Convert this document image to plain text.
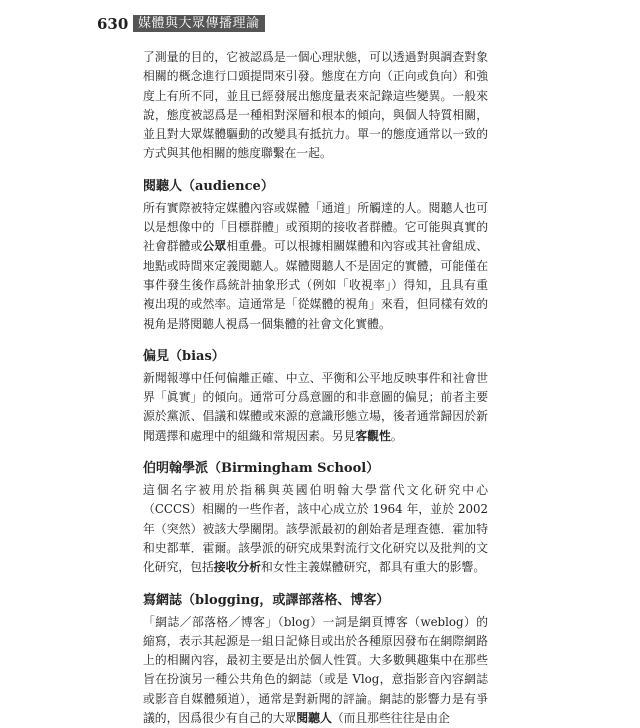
630 媒體與大眾傳播理論

了測量的目的，它被認爲是一個心理狀態，可以透過對與調查對象相關的概念進行口頭提問來引發。態度在方向（正向或負向）和強度上有所不同，並且已經發展出態度量表來記錄這些變異。一般來說，態度被認爲是一種相對深層和根本的傾向，與個人特質相關，並且對大眾媒體驅動的改變具有抵抗力。單一的態度通常以一致的方式與其他相關的態度聯繫在一起。

閱聽人（audience）

所有實際被特定媒體內容或媒體「通道」所觸達的人。閱聽人也可以是想像中的「目標群體」或預期的接收者群體。它可能與真實的社會群體或公眾相重疊。可以根據相關媒體和內容或其社會組成、地點或時間來定義閱聽人。媒體閱聽人不是固定的實體，可能僅在事件發生後作爲統計抽象形式（例如「收視率」）得知，且具有重複出現的或然率。這通常是「從媒體的視角」來看，但同樣有效的視角是將閱聽人視爲一個集體的社會文化實體。

偏見（bias）

新聞報導中任何偏離正確、中立、平衡和公平地反映事件和社會世界「眞實」的傾向。通常可分爲意圖的和非意圖的偏見；前者主要源於黨派、倡議和媒體或來源的意識形態立場，後者通常歸因於新聞選擇和處理中的組織和常規因素。另見客觀性。

伯明翰學派（Birmingham School）

這個名字被用於指稱與英國伯明翰大學當代文化研究中心（CCCS）相關的一些作者，該中心成立於 1964 年，並於 2002 年（突然）被該大學關閉。該學派最初的創始者是理查德．霍加特和史都華．霍爾。該學派的研究成果對流行文化研究以及批判的文化研究，包括接收分析和女性主義媒體研究，都具有重大的影響。

寫網誌（blogging，或譯部落格、博客）

「網誌／部落格／博客」（blog）一詞是網頁博客（weblog）的縮寫，表示其起源是一組日記條目或出於各種原因發布在網際網路上的相關內容，最初主要是出於個人性質。大多數興趣集中在那些旨在扮演另一種公共角色的網誌（或是 Vlog，意指影音內容網誌或影音自媒體頻道），通常是對新聞的評論。網誌的影響力是有爭議的，因爲很少有自己的大眾閱聽人（而且那些往往是由企
